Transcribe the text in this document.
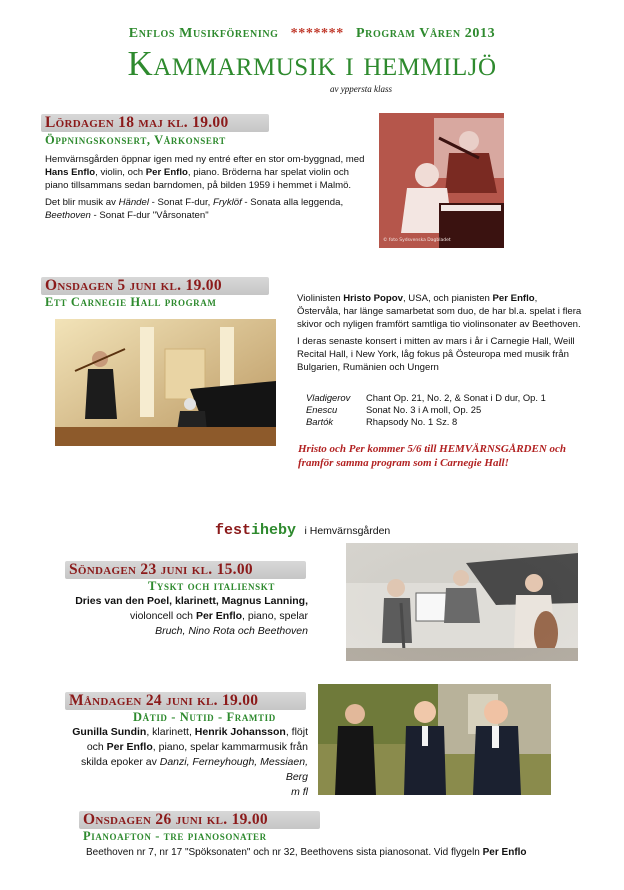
Enflos Musikförening ******* Program Våren 2013
Kammarmusik i hemmiljö
av yppersta klass
Lördagen 18 maj kl. 19.00
Öppningskonsert, Vårkonsert

Hemvärnsgården öppnar igen med ny entré efter en stor om-byggnad, med Hans Enflo, violin, och Per Enflo, piano. Bröderna har spelat violin och piano tillsammans sedan barndomen, på bilden 1959 i hemmet i Malmö.

Det blir musik av Händel - Sonat F-dur, Fryklöf - Sonata alla leggenda, Beethoven - Sonat F-dur "Vårsonaten"

© foto Sydsvenska Dagbladet
Onsdagen 5 juni kl. 19.00
Ett Carnegie Hall program	Violinisten Hristo Popov, USA, och pianisten Per Enflo, Östervåla, har länge samarbetat som duo, de har bl.a. spelat i flera skivor och nyligen framfört samtliga tio violinsonater av Beethoven.

I deras senaste konsert i mitten av mars i år i Carnegie Hall, Weill Recital Hall, i New York, låg fokus på Östeuropa med musik från Bulgarien, Rumänien och Ungern

Vladigerov	Chant Op. 21, No. 2, & Sonat i D dur, Op. 1
Enescu	Sonat No. 3 i A moll, Op. 25
Bartók	Rhapsody No. 1 Sz. 8
Hristo och Per kommer 5/6 till HEMVÄRNSGÅRDEN och framför samma program som i Carnegie Hall!
festiheby i Hemvärnsgården
Söndagen 23 juni kl. 15.00
Tyskt och italienskt

Dries van den Poel, klarinett, Magnus Lanning,

violoncell och Per Enflo, piano, spelar

Bruch, Nino Rota och Beethoven

Måndagen 24 juni kl. 19.00
Dåtid - Nutid - Framtid

Gunilla Sundin, klarinett, Henrik Johansson, flöjt

och Per Enflo, piano, spelar kammarmusik från

skilda epoker av Danzi, Ferneyhough, Messiaen, Berg

m fl

Onsdagen 26 juni kl. 19.00
Pianoafton - tre pianosonater
Beethoven nr 7, nr 17 "Spöksonaten" och nr 32, Beethovens sista pianosonat. Vid flygeln Per Enflo
